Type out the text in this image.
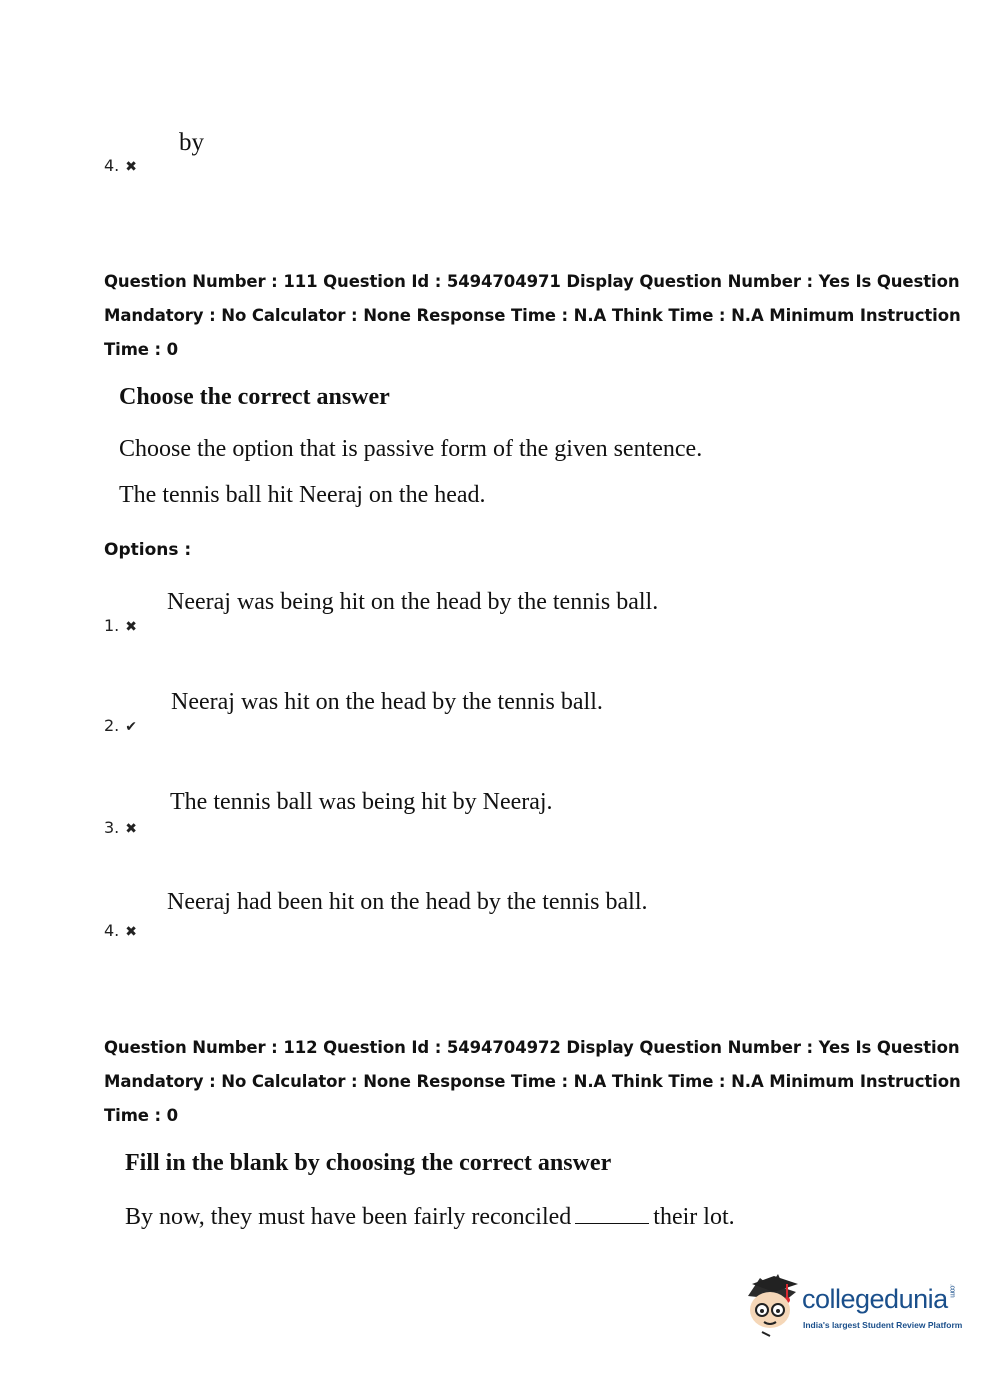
by
4. ✖
Question Number : 111 Question Id : 5494704971 Display Question Number : Yes Is Question
Mandatory : No Calculator : None Response Time : N.A Think Time : N.A Minimum Instruction
Time : 0
Choose the correct answer
Choose the option that is passive form of the given sentence.
The tennis ball hit Neeraj on the head.
Options :
Neeraj was being hit on the head by the tennis ball.
1. ✖
Neeraj was hit on the head by the tennis ball.
2. ✔
The tennis ball was being hit by Neeraj.
3. ✖
Neeraj had been hit on the head by the tennis ball.
4. ✖
Question Number : 112 Question Id : 5494704972 Display Question Number : Yes Is Question
Mandatory : No Calculator : None Response Time : N.A Think Time : N.A Minimum Instruction
Time : 0
Fill in the blank by choosing the correct answer
By now, they must have been fairly reconciled	their lot.
collegedunia.com
India's largest Student Review Platform
